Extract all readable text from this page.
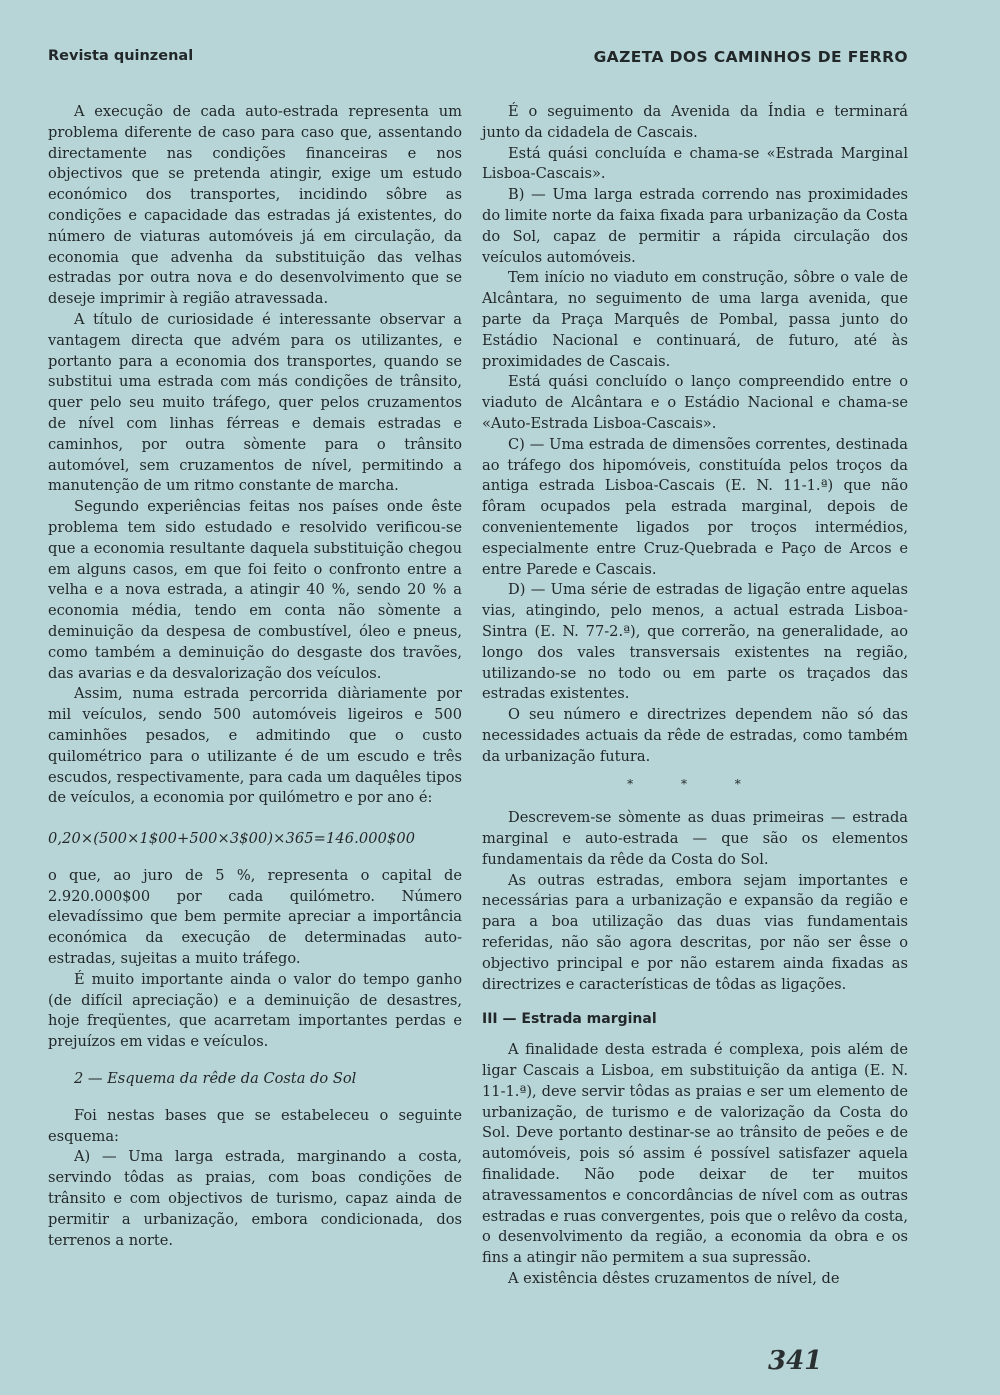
Revista quinzenal	GAZETA DOS CAMINHOS DE FERRO

A execução de cada auto-estrada representa um problema diferente de caso para caso que, assentando directamente nas condições financeiras e nos objectivos que se pretenda atingir, exige um estudo económico dos transportes, incidindo sôbre as condições e capacidade das estradas já existentes, do número de viaturas automóveis já em circulação, da economia que advenha da substituição das velhas estradas por outra nova e do desenvolvimento que se deseje imprimir à região atravessada.

A título de curiosidade é interessante observar a vantagem directa que advém para os utilizantes, e portanto para a economia dos transportes, quando se substitui uma estrada com más condições de trânsito, quer pelo seu muito tráfego, quer pelos cruzamentos de nível com linhas férreas e demais estradas e caminhos, por outra sòmente para o trânsito automóvel, sem cruzamentos de nível, permitindo a manutenção de um ritmo constante de marcha.

Segundo experiências feitas nos países onde êste problema tem sido estudado e resolvido verificou-se que a economia resultante daquela substituição chegou em alguns casos, em que foi feito o confronto entre a velha e a nova estrada, a atingir 40 %, sendo 20 % a economia média, tendo em conta não sòmente a deminuição da despesa de combustível, óleo e pneus, como também a deminuição do desgaste dos travões, das avarias e da desvalorização dos veículos.

Assim, numa estrada percorrida diàriamente por mil veículos, sendo 500 automóveis ligeiros e 500 caminhões pesados, e admitindo que o custo quilométrico para o utilizante é de um escudo e três escudos, respectivamente, para cada um daquêles tipos de veículos, a economia por quilómetro e por ano é:

0,20×(500×1$00+500×3$00)×365=146.000$00

o que, ao juro de 5 %, representa o capital de 2.920.000$00 por cada quilómetro. Número elevadíssimo que bem permite apreciar a importância económica da execução de determinadas auto-estradas, sujeitas a muito tráfego.

É muito importante ainda o valor do tempo ganho (de difícil apreciação) e a deminuição de desastres, hoje freqüentes, que acarretam importantes perdas e prejuízos em vidas e veículos.

2 — Esquema da rêde da Costa do Sol

Foi nestas bases que se estabeleceu o seguinte esquema:

A) — Uma larga estrada, marginando a costa, servindo tôdas as praias, com boas condições de trânsito e com objectivos de turismo, capaz ainda de permitir a urbanização, embora condicionada, dos terrenos a norte.

É o seguimento da Avenida da Índia e terminará junto da cidadela de Cascais.

Está quási concluída e chama-se «Estrada Marginal Lisboa-Cascais».

B) — Uma larga estrada correndo nas proximidades do limite norte da faixa fixada para urbanização da Costa do Sol, capaz de permitir a rápida circulação dos veículos automóveis.

Tem início no viaduto em construção, sôbre o vale de Alcântara, no seguimento de uma larga avenida, que parte da Praça Marquês de Pombal, passa junto do Estádio Nacional e continuará, de futuro, até às proximidades de Cascais.

Está quási concluído o lanço compreendido entre o viaduto de Alcântara e o Estádio Nacional e chama-se «Auto-Estrada Lisboa-Cascais».

C) — Uma estrada de dimensões correntes, destinada ao tráfego dos hipomóveis, constituída pelos troços da antiga estrada Lisboa-Cascais (E. N. 11-1.ª) que não fôram ocupados pela estrada marginal, depois de convenientemente ligados por troços intermédios, especialmente entre Cruz-Quebrada e Paço de Arcos e entre Parede e Cascais.

D) — Uma série de estradas de ligação entre aquelas vias, atingindo, pelo menos, a actual estrada Lisboa-Sintra (E. N. 77-2.ª), que correrão, na generalidade, ao longo dos vales transversais existentes na região, utilizando-se no todo ou em parte os traçados das estradas existentes.

O seu número e directrizes dependem não só das necessidades actuais da rêde de estradas, como também da urbanização futura.

* * *

Descrevem-se sòmente as duas primeiras — estrada marginal e auto-estrada — que são os elementos fundamentais da rêde da Costa do Sol.

As outras estradas, embora sejam importantes e necessárias para a urbanização e expansão da região e para a boa utilização das duas vias fundamentais referidas, não são agora descritas, por não ser êsse o objectivo principal e por não estarem ainda fixadas as directrizes e características de tôdas as ligações.

III — Estrada marginal

A finalidade desta estrada é complexa, pois além de ligar Cascais a Lisboa, em substituição da antiga (E. N. 11-1.ª), deve servir tôdas as praias e ser um elemento de urbanização, de turismo e de valorização da Costa do Sol. Deve portanto destinar-se ao trânsito de peões e de automóveis, pois só assim é possível satisfazer aquela finalidade. Não pode deixar de ter muitos atravessamentos e concordâncias de nível com as outras estradas e ruas convergentes, pois que o relêvo da costa, o desenvolvimento da região, a economia da obra e os fins a atingir não permitem a sua supressão.

A existência dêstes cruzamentos de nível, de

341
